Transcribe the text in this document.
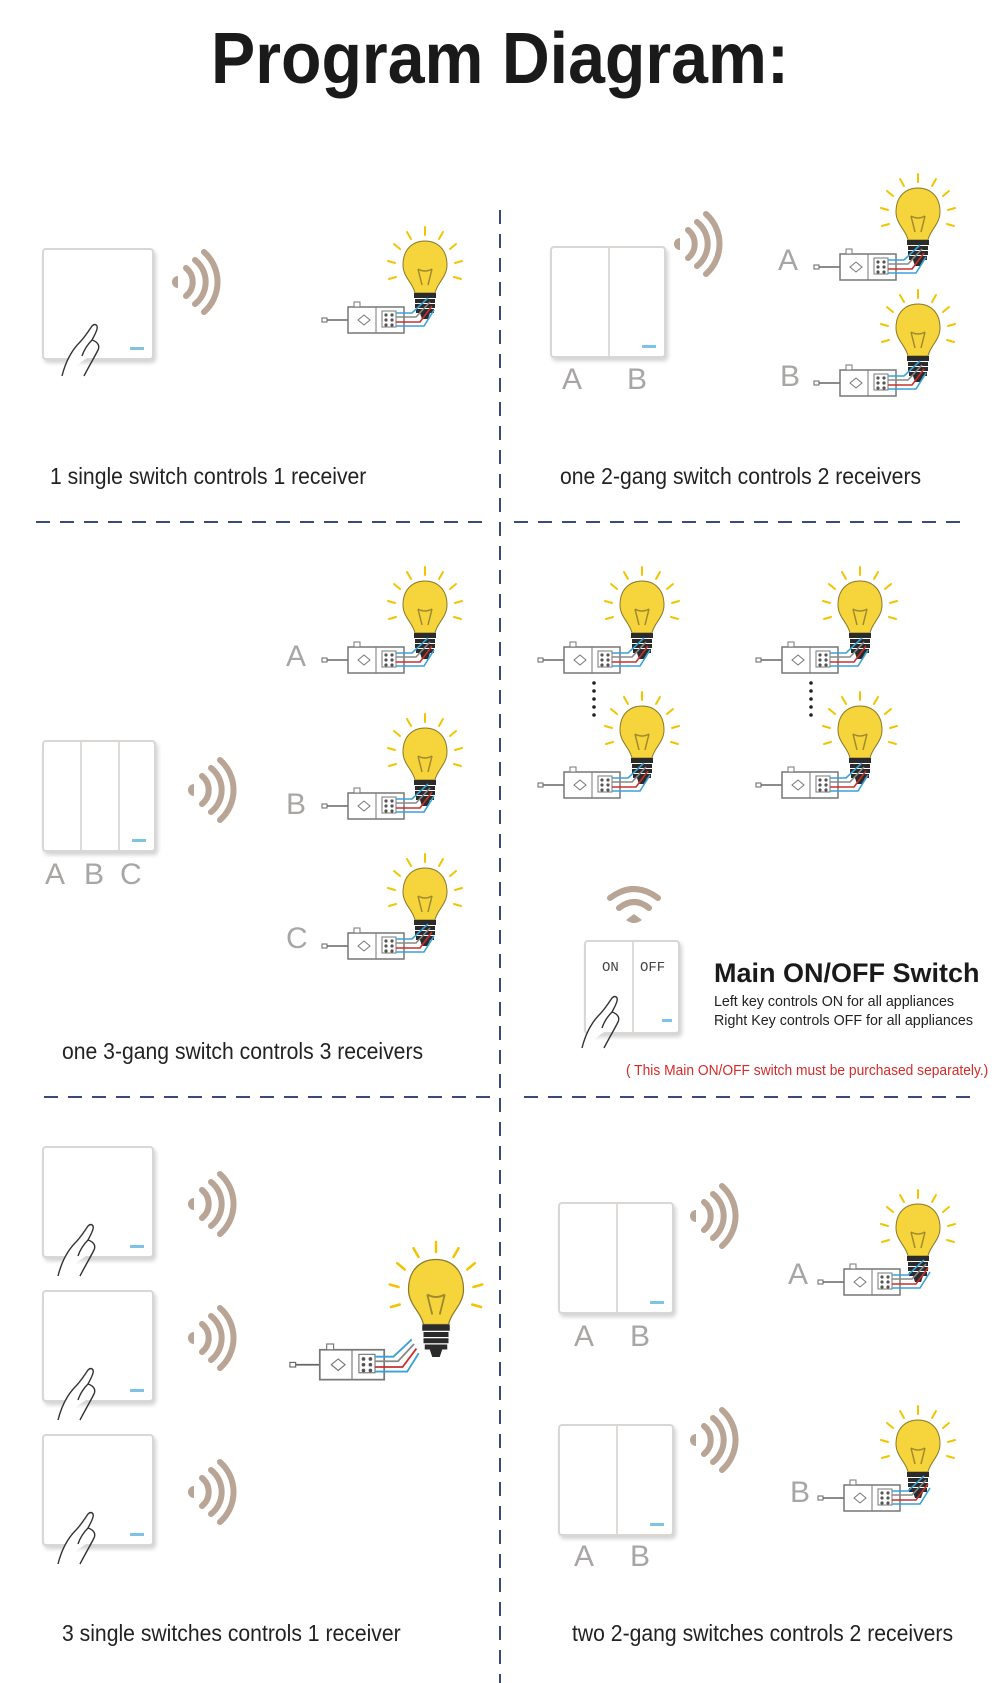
Program Diagram:
1 single switch controls 1 receiver
A B
A
B
one 2-gang switch controls 2 receivers
A B C
A
B
C
one 3-gang switch controls 3 receivers
ON OFF Main ON/OFF Switch
Left key controls ON for all appliances
Right Key controls OFF for all appliances
( This Main ON/OFF switch must be purchased separately.)
3 single switches controls 1 receiver
A B
A B
A
B
two 2-gang switches controls 2 receivers
